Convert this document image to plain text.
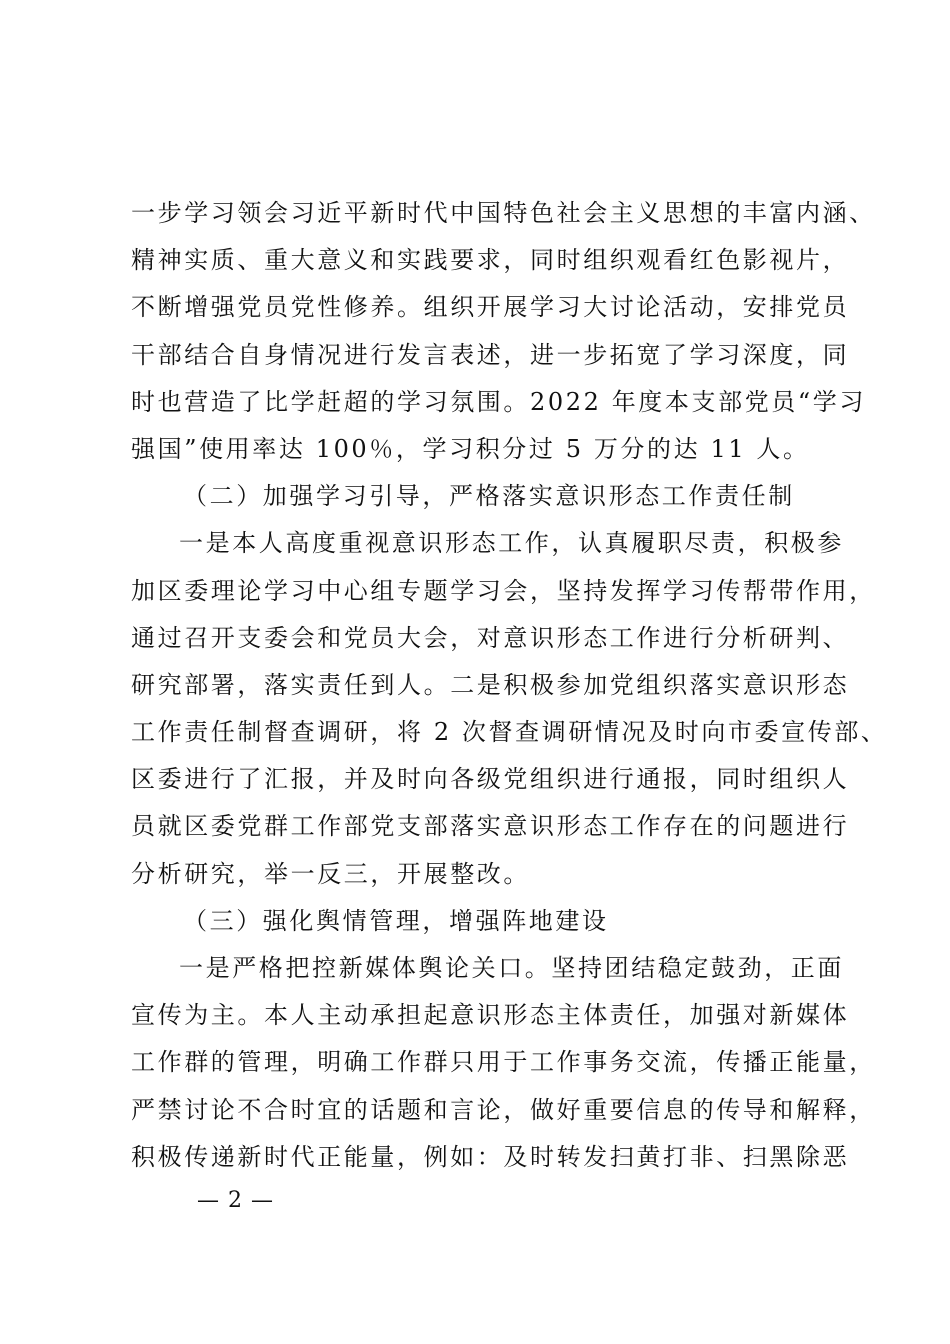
一步学习领会习近平新时代中国特色社会主义思想的丰富内涵、
精神实质、重大意义和实践要求，同时组织观看红色影视片，
不断增强党员党性修养。组织开展学习大讨论活动，安排党员
干部结合自身情况进行发言表述，进一步拓宽了学习深度，同
时也营造了比学赶超的学习氛围。2022 年度本支部党员“学习
强国”使用率达 100％，学习积分过 5 万分的达 11 人。
（二）加强学习引导，严格落实意识形态工作责任制
一是本人高度重视意识形态工作，认真履职尽责，积极参
加区委理论学习中心组专题学习会，坚持发挥学习传帮带作用，
通过召开支委会和党员大会，对意识形态工作进行分析研判、
研究部署，落实责任到人。二是积极参加党组织落实意识形态
工作责任制督查调研，将 2 次督查调研情况及时向市委宣传部、
区委进行了汇报，并及时向各级党组织进行通报，同时组织人
员就区委党群工作部党支部落实意识形态工作存在的问题进行
分析研究，举一反三，开展整改。
（三）强化舆情管理，增强阵地建设
一是严格把控新媒体舆论关口。坚持团结稳定鼓劲，正面
宣传为主。本人主动承担起意识形态主体责任，加强对新媒体
工作群的管理，明确工作群只用于工作事务交流，传播正能量，
严禁讨论不合时宜的话题和言论，做好重要信息的传导和解释，
积极传递新时代正能量，例如：及时转发扫黄打非、扫黑除恶
— 2 —
